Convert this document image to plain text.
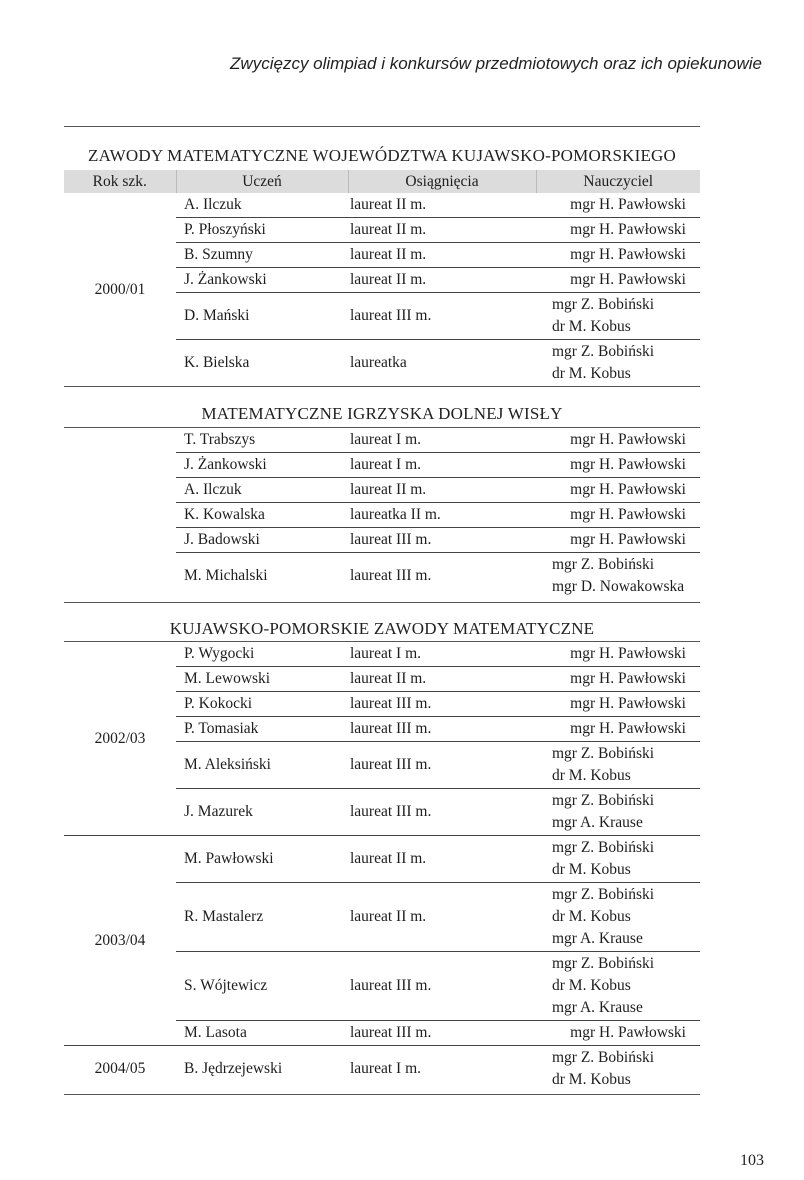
Zwycięzcy olimpiad i konkursów przedmiotowych oraz ich opiekunowie
ZAWODY MATEMATYCZNE WOJEWÓDZTWA KUJAWSKO-POMORSKIEGO
Rok szk.	Uczeń	Osiągnięcia	Nauczyciel
2000/01	A. Ilczuk	laureat II m.	mgr H. Pawłowski

	P. Płoszyński	laureat II m.	mgr H. Pawłowski

	B. Szumny	laureat II m.	mgr H. Pawłowski

	J. Żankowski	laureat II m.	mgr H. Pawłowski

	D. Mański	laureat III m.	mgr Z. Bobiński
dr M. Kobus

	K. Bielska	laureatka	mgr Z. Bobiński
dr M. Kobus
MATEMATYCZNE IGRZYSKA DOLNEJ WISŁY
	T. Trabszys	laureat I m.	mgr H. Pawłowski

	J. Żankowski	laureat I m.	mgr H. Pawłowski

	A. Ilczuk	laureat II m.	mgr H. Pawłowski

	K. Kowalska	laureatka II m.	mgr H. Pawłowski

	J. Badowski	laureat III m.	mgr H. Pawłowski

	M. Michalski	laureat III m.	mgr Z. Bobiński
mgr D. Nowakowska
KUJAWSKO-POMORSKIE ZAWODY MATEMATYCZNE
2002/03	P. Wygocki	laureat I m.	mgr H. Pawłowski

	M. Lewowski	laureat II m.	mgr H. Pawłowski

	P. Kokocki	laureat III m.	mgr H. Pawłowski

	P. Tomasiak	laureat III m.	mgr H. Pawłowski

	M. Aleksiński	laureat III m.	mgr Z. Bobiński
dr M. Kobus

	J. Mazurek	laureat III m.	mgr Z. Bobiński
mgr A. Krause

2003/04	M. Pawłowski	laureat II m.	mgr Z. Bobiński
dr M. Kobus

	R. Mastalerz	laureat II m.	mgr Z. Bobiński
dr M. Kobus
mgr A. Krause

	S. Wójtewicz	laureat III m.	mgr Z. Bobiński
dr M. Kobus
mgr A. Krause

	M. Lasota	laureat III m.	mgr H. Pawłowski

2004/05	B. Jędrzejewski	laureat I m.	mgr Z. Bobiński
dr M. Kobus
103
